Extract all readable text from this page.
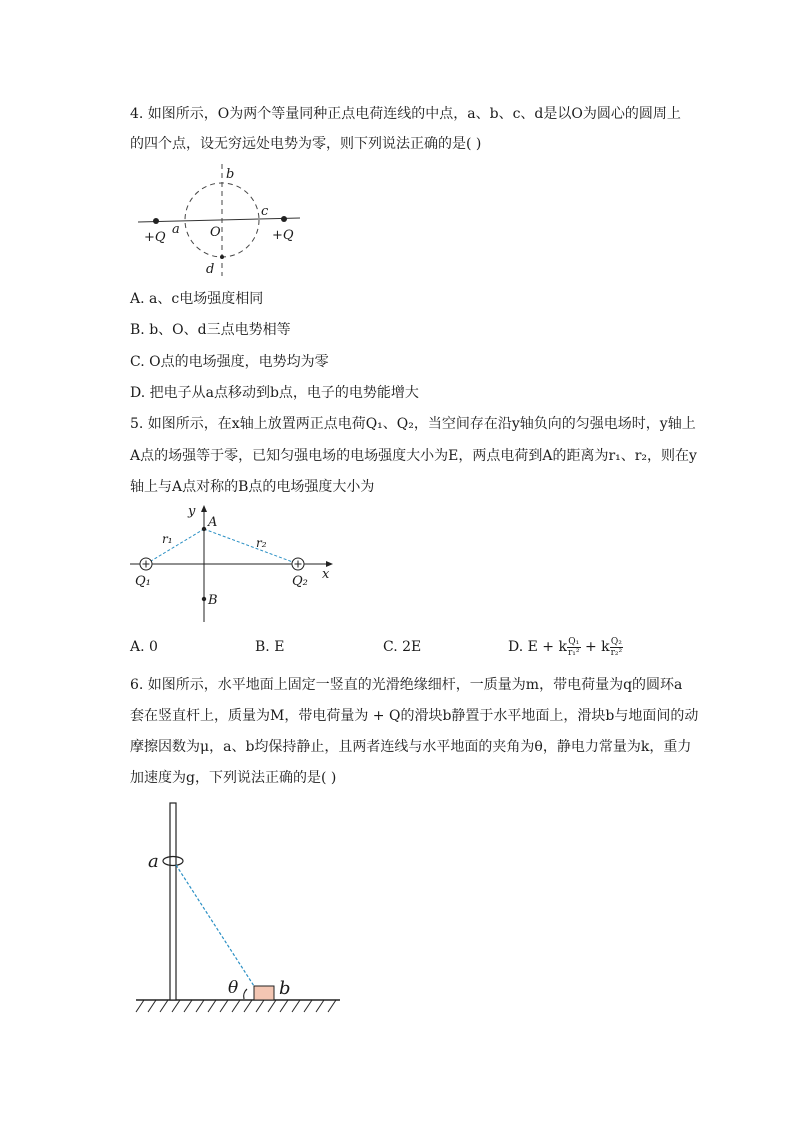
4. 如图所示，O为两个等量同种正点电荷连线的中点，a、b、c、d是以O为圆心的圆周上
的四个点，设无穷远处电势为零，则下列说法正确的是( )
b
c
a O
d
+Q	+Q
A. a、c电场强度相同
B. b、O、d三点电势相等
C. O点的电场强度，电势均为零
D. 把电子从a点移动到b点，电子的电势能增大
5. 如图所示，在x轴上放置两正点电荷Q₁、Q₂，当空间存在沿y轴负向的匀强电场时，y轴上
A点的场强等于零，已知匀强电场的电场强度大小为E，两点电荷到A的距离为r₁、r₂，则在y
轴上与A点对称的B点的电场强度大小为
y
A
r₁	r₂
x
Q₁	Q₂
B
A. 0	B. E	C. 2E	D. E + k $\frac{\text{Q₁}}{\text{r₁²}} + k \frac{\text{Q₂}}{\text{r₂²}}$
6. 如图所示，水平地面上固定一竖直的光滑绝缘细杆，一质量为m，带电荷量为q的圆环a
套在竖直杆上，质量为M，带电荷量为 + Q的滑块b静置于水平地面上，滑块b与地面间的动
摩擦因数为μ，a、b均保持静止，且两者连线与水平地面的夹角为θ，静电力常量为k，重力
加速度为g，下列说法正确的是( )
a
b
θ
